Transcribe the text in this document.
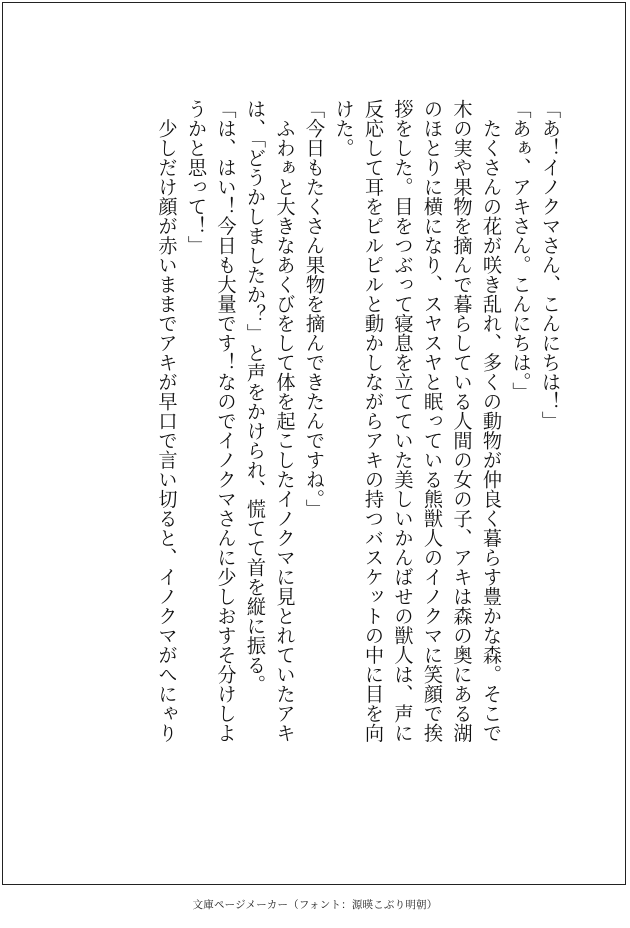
「あ！イノクマさん、こんにちは！」
「あぁ、アキさん。こんにちは。」
　たくさんの花が咲き乱れ、多くの動物が仲良く暮らす豊かな森。そこで
木の実や果物を摘んで暮らしている人間の女の子、アキは森の奥にある湖
のほとりに横になり、スヤスヤと眠っている熊獣人のイノクマに笑顔で挨
拶をした。目をつぶって寝息を立てていた美しいかんばせの獣人は、声に
反応して耳をピルピルと動かしながらアキの持つバスケットの中に目を向
けた。
「今日もたくさん果物を摘んできたんですね。」
　ふわぁと大きなあくびをして体を起こしたイノクマに見とれていたアキ
は、「どうかしましたか？」と声をかけられ、慌てて首を縦に振る。
「は、はい！今日も大量です！なのでイノクマさんに少しおすそ分けしよ
うかと思って！」
　少しだけ顔が赤いままでアキが早口で言い切ると、イノクマがへにゃり
文庫ページメーカー（フォント：源暎こぶり明朝）
